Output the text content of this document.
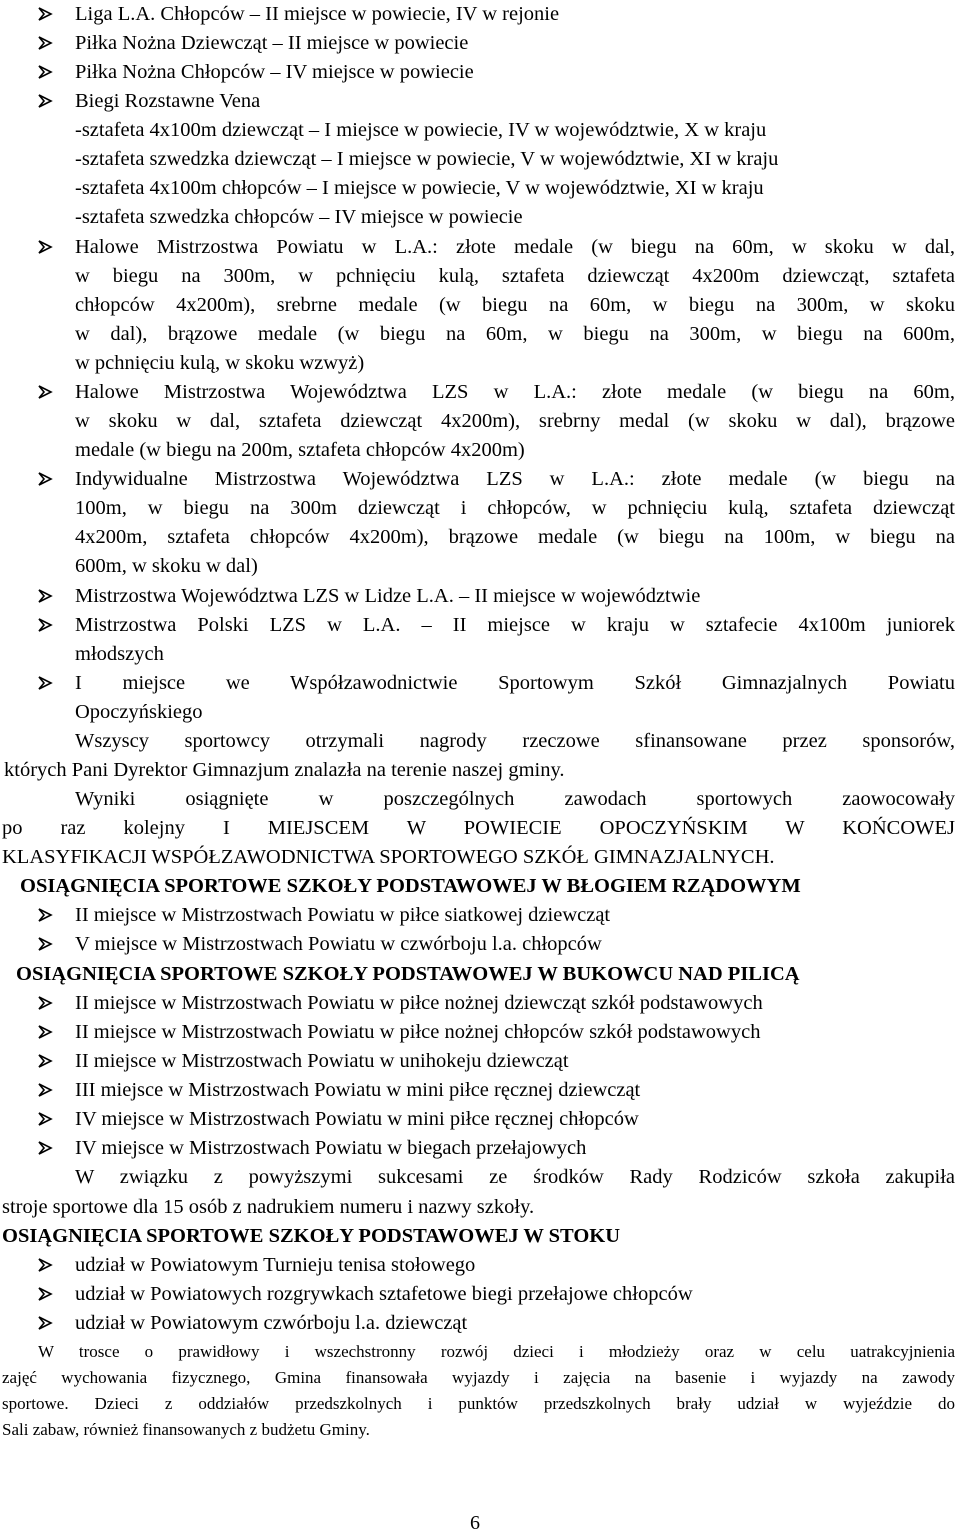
6
Liga L.A. Chłopców – II miejsce w powiecie, IV w rejonie
Piłka Nożna Dziewcząt – II miejsce w powiecie
Piłka Nożna Chłopców – IV miejsce w powiecie
Biegi Rozstawne Vena
-sztafeta 4x100m dziewcząt – I miejsce w powiecie, IV w województwie, X w kraju
-sztafeta szwedzka dziewcząt – I miejsce w powiecie, V w województwie, XI w kraju
-sztafeta 4x100m chłopców – I miejsce w powiecie, V w województwie, XI w kraju
-sztafeta szwedzka chłopców – IV miejsce w powiecie
Halowe Mistrzostwa Powiatu w L.A.: złote medale (w biegu na 60m, w skoku w dal,
w biegu na 300m, w pchnięciu kulą, sztafeta dziewcząt 4x200m dziewcząt, sztafeta
chłopców 4x200m), srebrne medale (w biegu na 60m, w biegu na 300m, w skoku
w dal), brązowe medale (w biegu na 60m, w biegu na 300m, w biegu na 600m,
w pchnięciu kulą, w skoku wzwyż)
Halowe Mistrzostwa Województwa LZS w L.A.: złote medale (w biegu na 60m,
w skoku w dal, sztafeta dziewcząt 4x200m), srebrny medal (w skoku w dal), brązowe
medale (w biegu na 200m, sztafeta chłopców 4x200m)
Indywidualne Mistrzostwa Województwa LZS w L.A.: złote medale (w biegu na
100m, w biegu na 300m dziewcząt i chłopców, w pchnięciu kulą, sztafeta dziewcząt
4x200m, sztafeta chłopców 4x200m), brązowe medale (w biegu na 100m, w biegu na
600m, w skoku w dal)
Mistrzostwa Województwa LZS w Lidze L.A. – II miejsce w województwie
Mistrzostwa Polski LZS w L.A. – II miejsce w kraju w sztafecie 4x100m juniorek
młodszych
I miejsce we Współzawodnictwie Sportowym Szkół Gimnazjalnych Powiatu
Opoczyńskiego
Wszyscy sportowcy otrzymali nagrody rzeczowe sfinansowane przez sponsorów,
których Pani Dyrektor Gimnazjum znalazła na terenie naszej gminy.
Wyniki osiągnięte w poszczególnych zawodach sportowych zaowocowały
po raz kolejny I MIEJSCEM W POWIECIE OPOCZYŃSKIM W KOŃCOWEJ
KLASYFIKACJI WSPÓŁZAWODNICTWA SPORTOWEGO SZKÓŁ GIMNAZJALNYCH.
OSIĄGNIĘCIA SPORTOWE SZKOŁY PODSTAWOWEJ W BŁOGIEM RZĄDOWYM
II miejsce w Mistrzostwach Powiatu w piłce siatkowej dziewcząt
V miejsce w Mistrzostwach Powiatu w czwórboju l.a. chłopców
OSIĄGNIĘCIA SPORTOWE SZKOŁY PODSTAWOWEJ W BUKOWCU NAD PILICĄ
II miejsce w Mistrzostwach Powiatu w piłce nożnej dziewcząt szkół podstawowych
II miejsce w Mistrzostwach Powiatu w piłce nożnej chłopców szkół podstawowych
II miejsce w Mistrzostwach Powiatu w unihokeju dziewcząt
III miejsce w Mistrzostwach Powiatu w mini piłce ręcznej dziewcząt
IV miejsce w Mistrzostwach Powiatu w mini piłce ręcznej chłopców
IV miejsce w Mistrzostwach Powiatu w biegach przełajowych
W związku z powyższymi sukcesami ze środków Rady Rodziców szkoła zakupiła
stroje sportowe dla 15 osób z nadrukiem numeru i nazwy szkoły.
OSIĄGNIĘCIA SPORTOWE SZKOŁY PODSTAWOWEJ W STOKU
udział w Powiatowym Turnieju tenisa stołowego
udział w Powiatowych rozgrywkach sztafetowe biegi przełajowe chłopców
udział w Powiatowym czwórboju l.a. dziewcząt
W trosce o prawidłowy i wszechstronny rozwój dzieci i młodzieży oraz w celu uatrakcyjnienia
zajęć wychowania fizycznego, Gmina finansowała wyjazdy i zajęcia na basenie i wyjazdy na zawody
sportowe. Dzieci z oddziałów przedszkolnych i punktów przedszkolnych brały udział w wyjeździe do
Sali zabaw, również finansowanych z budżetu Gminy.
